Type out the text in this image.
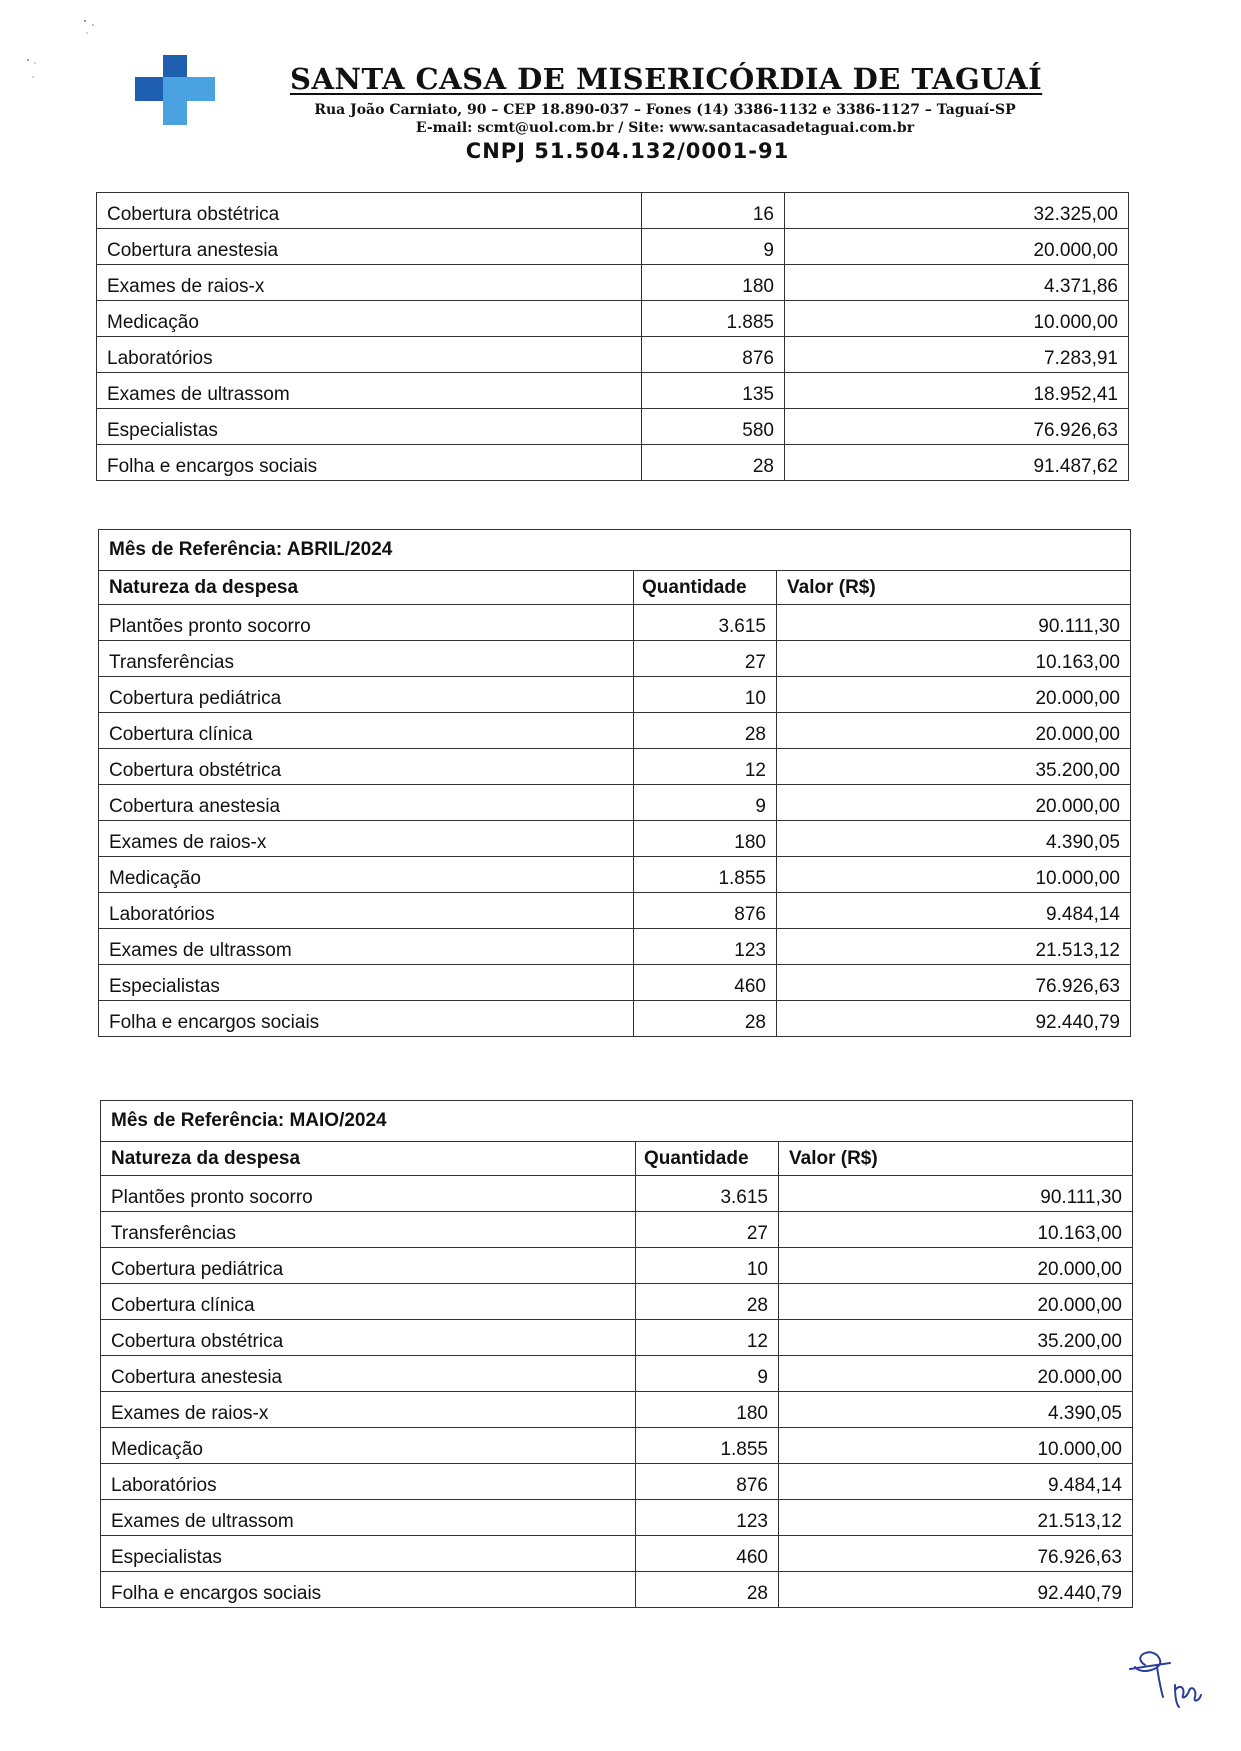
SANTA CASA DE MISERICÓRDIA DE TAGUAÍ
Rua João Carniato, 90 – CEP 18.890-037 – Fones (14) 3386-1132 e 3386-1127 – Taguaí-SP
E-mail: scmt@uol.com.br / Site: www.santacasadetaguai.com.br
CNPJ 51.504.132/0001-91
Cobertura obstétrica	16	32.325,00
Cobertura anestesia	9	20.000,00
Exames de raios-x	180	4.371,86
Medicação	1.885	10.000,00
Laboratórios	876	7.283,91
Exames de ultrassom	135	18.952,41
Especialistas	580	76.926,63
Folha e encargos sociais	28	91.487,62
Mês de Referência: ABRIL/2024		
Natureza da despesa	Quantidade	Valor (R$)
Plantões pronto socorro	3.615	90.111,30
Transferências	27	10.163,00
Cobertura pediátrica	10	20.000,00
Cobertura clínica	28	20.000,00
Cobertura obstétrica	12	35.200,00
Cobertura anestesia	9	20.000,00
Exames de raios-x	180	4.390,05
Medicação	1.855	10.000,00
Laboratórios	876	9.484,14
Exames de ultrassom	123	21.513,12
Especialistas	460	76.926,63
Folha e encargos sociais	28	92.440,79
Mês de Referência: MAIO/2024		
Natureza da despesa	Quantidade	Valor (R$)
Plantões pronto socorro	3.615	90.111,30
Transferências	27	10.163,00
Cobertura pediátrica	10	20.000,00
Cobertura clínica	28	20.000,00
Cobertura obstétrica	12	35.200,00
Cobertura anestesia	9	20.000,00
Exames de raios-x	180	4.390,05
Medicação	1.855	10.000,00
Laboratórios	876	9.484,14
Exames de ultrassom	123	21.513,12
Especialistas	460	76.926,63
Folha e encargos sociais	28	92.440,79
